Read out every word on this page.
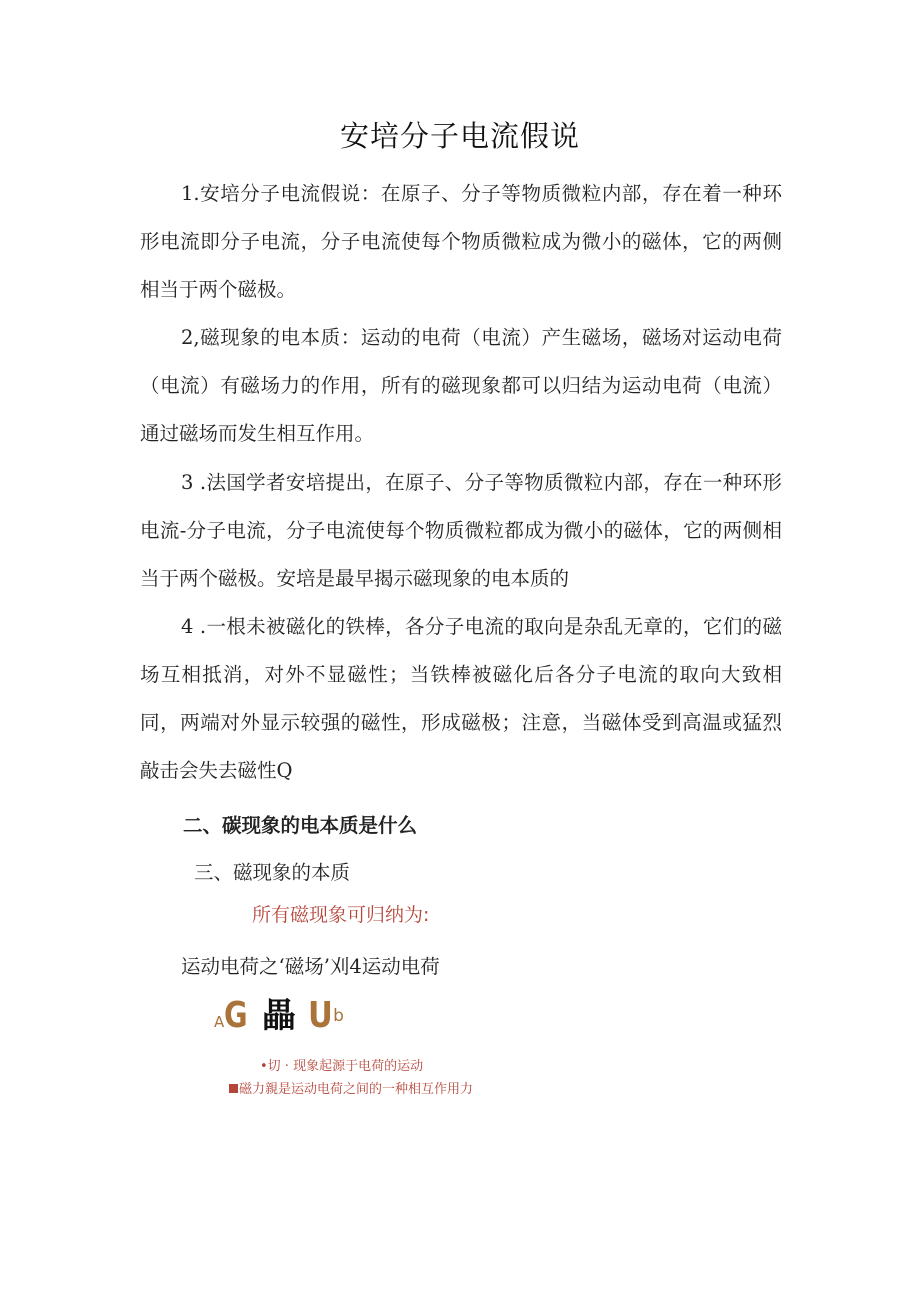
安培分子电流假说

1.安培分子电流假说：在原子、分子等物质微粒内部，存在着一种环形电流即分子电流，分子电流使每个物质微粒成为微小的磁体，它的两侧相当于两个磁极。

2,磁现象的电本质：运动的电荷（电流）产生磁场，磁场对运动电荷（电流）有磁场力的作用，所有的磁现象都可以归结为运动电荷（电流）通过磁场而发生相互作用。

3 .法国学者安培提出，在原子、分子等物质微粒内部，存在一种环形电流-分子电流，分子电流使每个物质微粒都成为微小的磁体，它的两侧相当于两个磁极。安培是最早揭示磁现象的电本质的

4 .一根未被磁化的铁棒，各分子电流的取向是杂乱无章的，它们的磁场互相抵消，对外不显磁性；当铁棒被磁化后各分子电流的取向大致相同，两端对外显示较强的磁性，形成磁极；注意，当磁体受到高温或猛烈敲击会失去磁性Q

二、碳现象的电本质是什么
三、磁现象的本质
所有磁现象可归纳为:
运动电荷之‘磁场’刈4运动电荷
AG 畾 Ub
•切 · 现象起源于电荷的运动
磁力親是运动电荷之间的一种相互作用力
